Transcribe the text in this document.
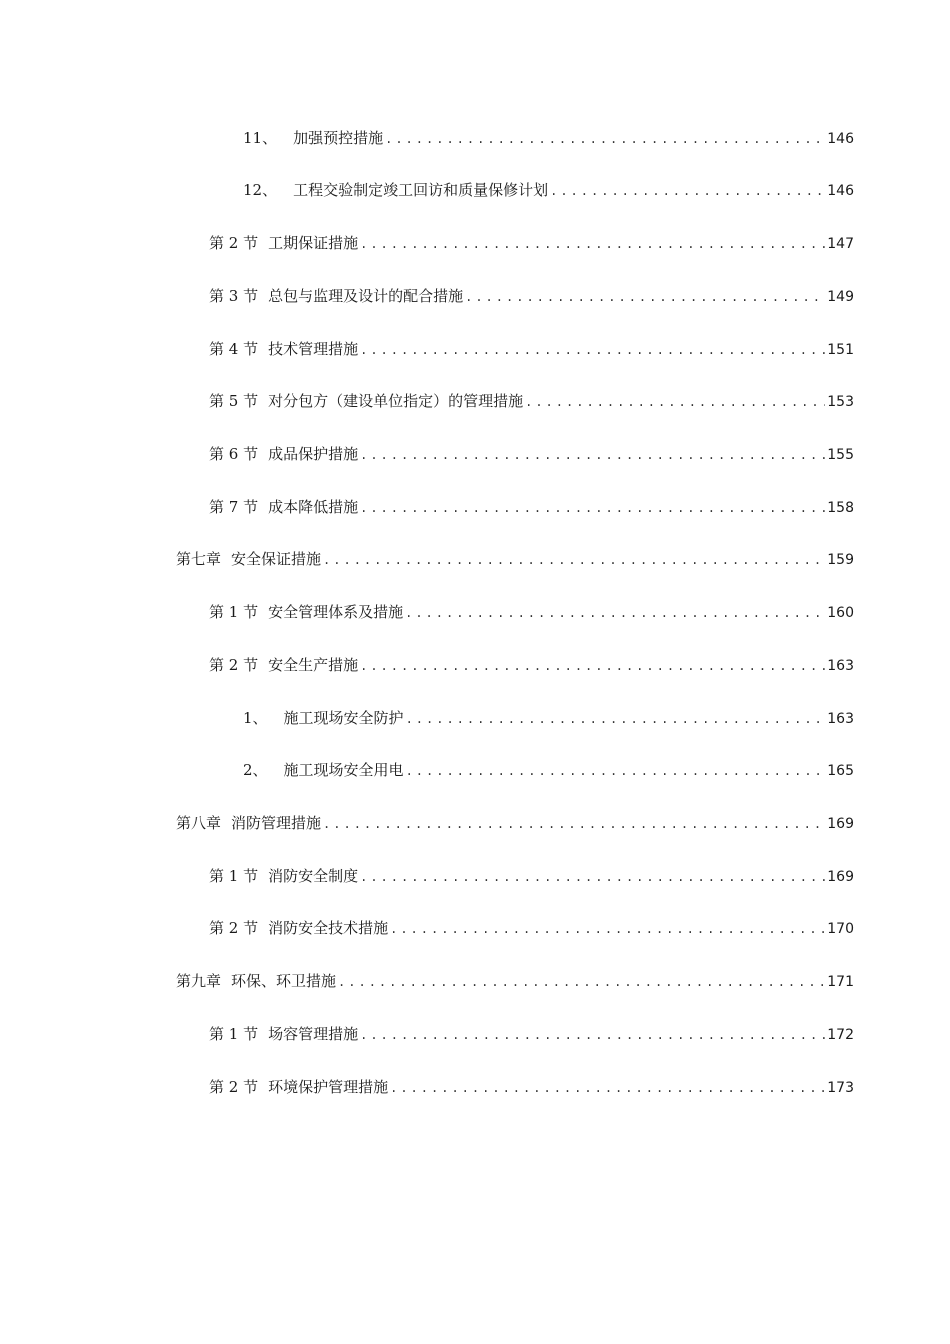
11、 加强预控措施 .....	146
12、 工程交验制定竣工回访和质量保修计划 .....	146
第 2 节 工期保证措施 .....	147
第 3 节 总包与监理及设计的配合措施 .....	149
第 4 节 技术管理措施 .....	151
第 5 节 对分包方（建设单位指定）的管理措施 .....	153
第 6 节 成品保护措施 .....	155
第 7 节 成本降低措施 .....	158
第七章 安全保证措施 .....	159
第 1 节 安全管理体系及措施 .....	160
第 2 节 安全生产措施 .....	163
1、 施工现场安全防护 .....	163
2、 施工现场安全用电 .....	165
第八章 消防管理措施 .....	169
第 1 节 消防安全制度 .....	169
第 2 节 消防安全技术措施 .....	170
第九章 环保、环卫措施 .....	171
第 1 节 场容管理措施 .....	172
第 2 节 环境保护管理措施 .....	173
